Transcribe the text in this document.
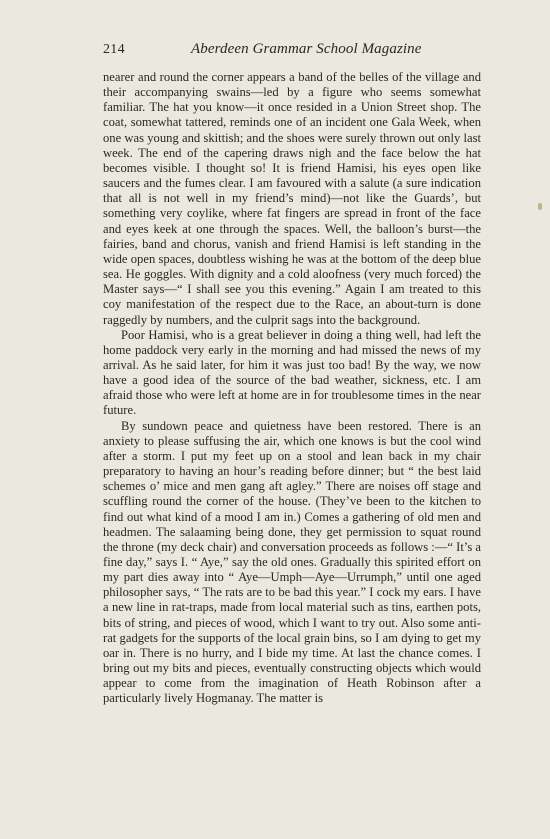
214	Aberdeen Grammar School Magazine

nearer and round the corner appears a band of the belles of the village and their accompanying swains—led by a figure who seems somewhat familiar. The hat you know—it once resided in a Union Street shop. The coat, somewhat tattered, reminds one of an incident one Gala Week, when one was young and skittish; and the shoes were surely thrown out only last week. The end of the capering draws nigh and the face below the hat becomes visible. I thought so! It is friend Hamisi, his eyes open like saucers and the fumes clear. I am favoured with a salute (a sure indication that all is not well in my friend’s mind)—not like the Guards’, but something very coylike, where fat fingers are spread in front of the face and eyes keek at one through the spaces. Well, the balloon’s burst—the fairies, band and chorus, vanish and friend Hamisi is left standing in the wide open spaces, doubtless wishing he was at the bottom of the deep blue sea. He goggles. With dignity and a cold aloofness (very much forced) the Master says—“ I shall see you this evening.” Again I am treated to this coy manifestation of the respect due to the Race, an about-turn is done raggedly by numbers, and the culprit sags into the background.

Poor Hamisi, who is a great believer in doing a thing well, had left the home paddock very early in the morning and had missed the news of my arrival. As he said later, for him it was just too bad! By the way, we now have a good idea of the source of the bad weather, sickness, etc. I am afraid those who were left at home are in for troublesome times in the near future.

By sundown peace and quietness have been restored. There is an anxiety to please suffusing the air, which one knows is but the cool wind after a storm. I put my feet up on a stool and lean back in my chair preparatory to having an hour’s reading before dinner; but “ the best laid schemes o’ mice and men gang aft agley.” There are noises off stage and scuffling round the corner of the house. (They’ve been to the kitchen to find out what kind of a mood I am in.) Comes a gathering of old men and headmen. The salaaming being done, they get permission to squat round the throne (my deck chair) and conversation proceeds as follows :—“ It’s a fine day,” says I. “ Aye,” say the old ones. Gradually this spirited effort on my part dies away into “ Aye—Umph—Aye—Urrumph,” until one aged philosopher says, “ The rats are to be bad this year.” I cock my ears. I have a new line in rat-traps, made from local material such as tins, earthen pots, bits of string, and pieces of wood, which I want to try out. Also some anti-rat gadgets for the supports of the local grain bins, so I am dying to get my oar in. There is no hurry, and I bide my time. At last the chance comes. I bring out my bits and pieces, eventually constructing objects which would appear to come from the imagination of Heath Robinson after a particularly lively Hogmanay. The matter is
